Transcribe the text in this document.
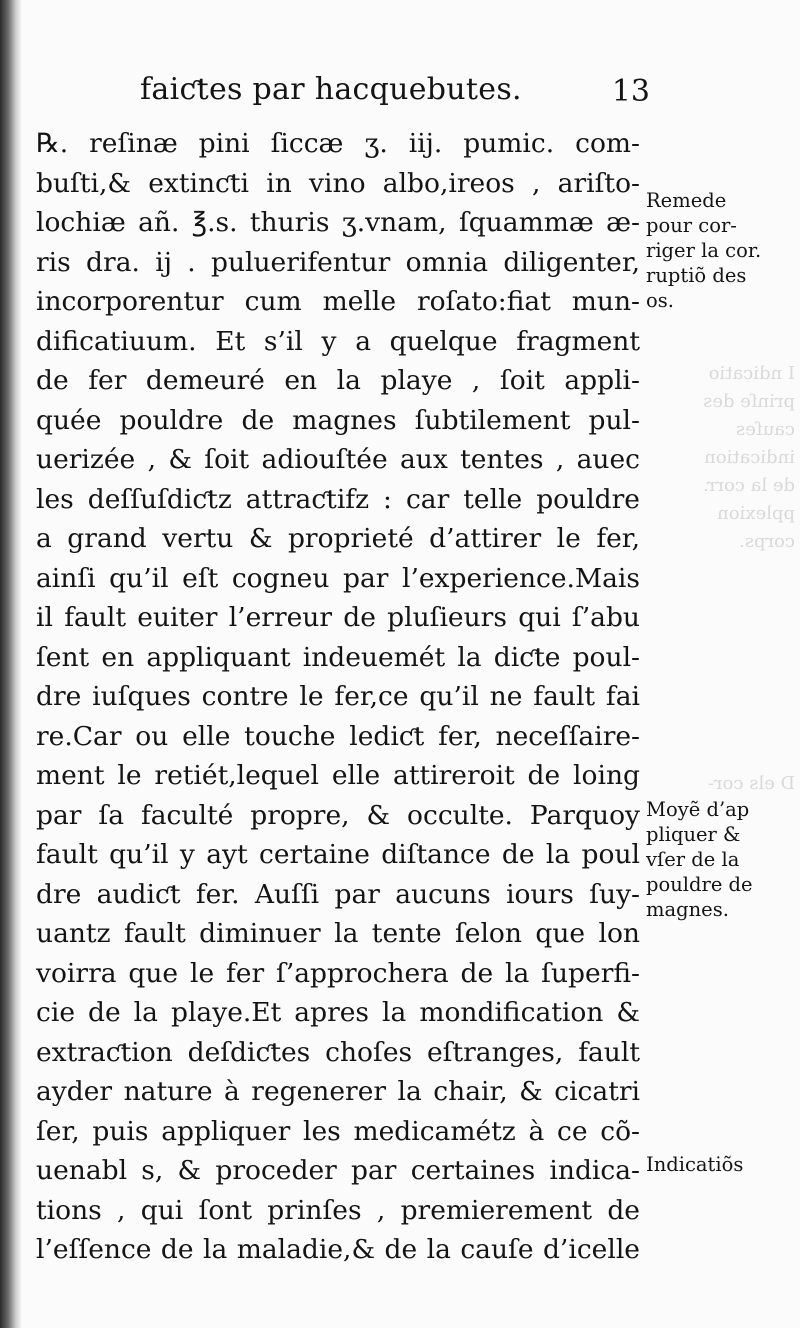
faiƈtes par hacquebutes.	13
℞. reſinæ pini ſiccæ ʒ. iij. pumic. com-
buſti,& extinƈti in vino albo,ireos , ariſto-
lochiæ añ. ℥.s. thuris ʒ.vnam, ſquammæ æ-
ris dra. ij . puluerifentur omnia diligenter,
incorporentur cum melle roſato:fiat mun-
dificatiuum. Et s’il y a quelque fragment
de fer demeuré en la playe , ſoit appli-
quée pouldre de magnes ſubtilement pul-
uerizée , & ſoit adiouſtée aux tentes , auec
les deſſuſdiƈtz attraƈtifz : car telle pouldre
a grand vertu & proprieté d’attirer le fer,
ainſi qu’il eſt cogneu par l’experience.Mais
il fault euiter l’erreur de pluſieurs qui ſ’abu
ſent en appliquant indeuemét la diƈte poul-
dre iuſques contre le fer,ce qu’il ne fault fai
re.Car ou elle touche lediƈt fer, neceſſaire-
ment le retiét,lequel elle attireroit de loing
par ſa faculté propre, & occulte. Parquoy
fault qu’il y ayt certaine diſtance de la poul
dre audiƈt fer. Auſſi par aucuns iours ſuy-
uantz fault diminuer la tente ſelon que lon
voirra que le fer ſ’approchera de la ſuperfi-
cie de la playe.Et apres la mondification &
extraƈtion deſdiƈtes choſes eſtranges, fault
ayder nature à regenerer la chair, & cicatri
ſer, puis appliquer les medicamétz à ce cõ-
uenabl s, & proceder par certaines indica-
tions , qui ſont prinſes , premierement de
l’eſſence de la maladie,& de la cauſe d’icelle
Remede
pour cor-
riger la cor.
ruptiõ des
os.
Moyẽ d’ap
pliquer &
vſer de la
pouldre de
magnes.
Indicatiõs
I ndicatio
prinſe des
cauſes
indication
de la corr.
pplexion
corps.
D els cor-
